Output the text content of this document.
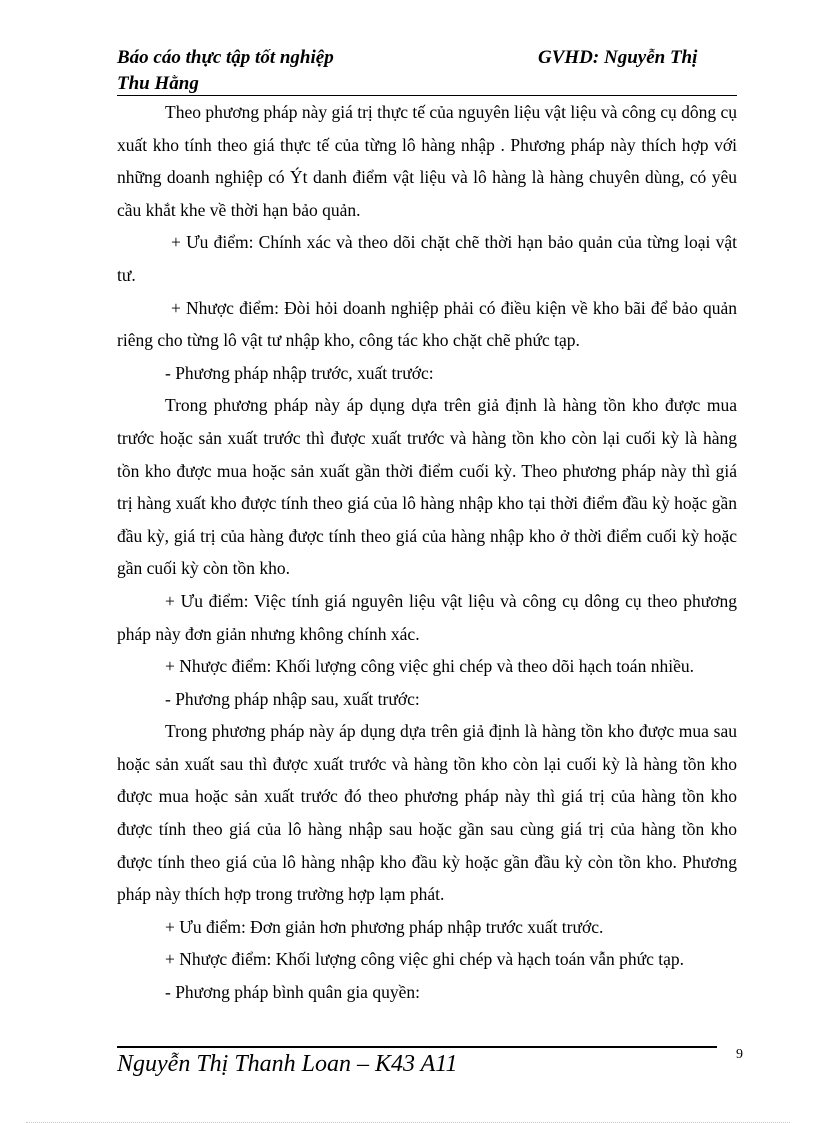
Báo cáo thực tập tốt nghiệp	GVHD: Nguyễn Thị
Thu Hằng

Theo phương pháp này giá trị thực tế của nguyên liệu vật liệu và công cụ dông cụ xuất kho tính theo giá thực tế của từng lô hàng nhập . Phương pháp này thích hợp với những doanh nghiệp có Ýt danh điểm vật liệu và lô hàng là hàng chuyên dùng, có yêu cầu khắt khe về thời hạn bảo quản.

+ Ưu điểm: Chính xác và theo dõi chặt chẽ thời hạn bảo quản của từng loại vật tư.

+ Nhược điểm: Đòi hỏi doanh nghiệp phải có điều kiện về kho bãi để bảo quản riêng cho từng lô vật tư nhập kho, công tác kho chặt chẽ phức tạp.

- Phương pháp nhập trước, xuất trước:

Trong phương pháp này áp dụng dựa trên giả định là hàng tồn kho được mua trước hoặc sản xuất trước thì được xuất trước và hàng tồn kho còn lại cuối kỳ là hàng tồn kho được mua hoặc sản xuất gần thời điểm cuối kỳ. Theo phương pháp này thì giá trị hàng xuất kho được tính theo giá của lô hàng nhập kho tại thời điểm đầu kỳ hoặc gần đầu kỳ, giá trị của hàng được tính theo giá của hàng nhập kho ở thời điểm cuối kỳ hoặc gần cuối kỳ còn tồn kho.

+ Ưu điểm: Việc tính giá nguyên liệu vật liệu và công cụ dông cụ theo phương pháp này đơn giản nhưng không chính xác.

+ Nhược điểm: Khối lượng công việc ghi chép và theo dõi hạch toán nhiều.

- Phương pháp nhập sau, xuất trước:

Trong phương pháp này áp dụng dựa trên giả định là hàng tồn kho được mua sau hoặc sản xuất sau thì được xuất trước và hàng tồn kho còn lại cuối kỳ là hàng tồn kho được mua hoặc sản xuất trước đó theo phương pháp này thì giá trị của hàng tồn kho được tính theo giá của lô hàng nhập sau hoặc gần sau cùng giá trị của hàng tồn kho được tính theo giá của lô hàng nhập kho đầu kỳ hoặc gần đầu kỳ còn tồn kho. Phương pháp này thích hợp trong trường hợp lạm phát.

+ Ưu điểm: Đơn giản hơn phương pháp nhập trước xuất trước.

+ Nhược điểm: Khối lượng công việc ghi chép và hạch toán vẫn phức tạp.

- Phương pháp bình quân gia quyền:

Nguyễn Thị Thanh Loan – K43 A11	9
